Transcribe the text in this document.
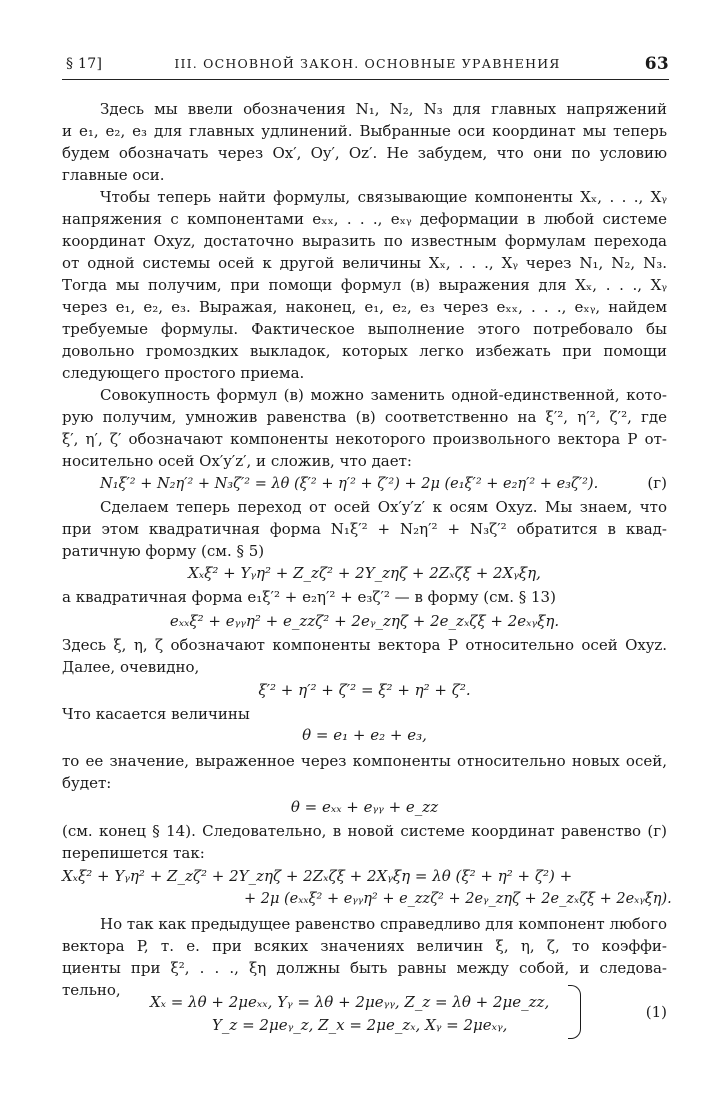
§ 17]	III. ОСНОВНОЙ ЗАКОН. ОСНОВНЫЕ УРАВНЕНИЯ	63
Здесь мы ввели обозначения N₁, N₂, N₃ для главных напряжений
и e₁, e₂, e₃ для главных удлинений. Выбранные оси координат мы теперь
будем обозначать через Ox′, Oy′, Oz′. Не забудем, что они по условию
главные оси.
Чтобы теперь найти формулы, связывающие компоненты Xₓ, . . ., Xᵧ
напряжения с компонентами eₓₓ, . . ., eₓᵧ деформации в любой системе
координат Oxyz, достаточно выразить по известным формулам перехода
от одной системы осей к другой величины Xₓ, . . ., Xᵧ через N₁, N₂, N₃.
Тогда мы получим, при помощи формул (в) выражения для Xₓ, . . ., Xᵧ
через e₁, e₂, e₃. Выражая, наконец, e₁, e₂, e₃ через eₓₓ, . . ., eₓᵧ, найдем
требуемые формулы. Фактическое выполнение этого потребовало бы
довольно громоздких выкладок, которых легко избежать при помощи
следующего простого приема.
Совокупность формул (в) можно заменить одной-единственной, кото-
рую получим, умножив равенства (в) соответственно на ξ′², η′², ζ′², где
ξ′, η′, ζ′ обозначают компоненты некоторого произвольного вектора P от-
носительно осей Ox′y′z′, и сложив, что дает:
N₁ξ′² + N₂η′² + N₃ζ′² = λθ (ξ′² + η′² + ζ′²) + 2μ (e₁ξ′² + e₂η′² + e₃ζ′²).	(г)
Сделаем теперь переход от осей Ox′y′z′ к осям Oxyz. Мы знаем, что
при этом квадратичная форма N₁ξ′² + N₂η′² + N₃ζ′² обратится в квад-
ратичную форму (см. § 5)
Xₓξ² + Yᵧη² + Z_zζ² + 2Y_zηζ + 2Zₓζξ + 2Xᵧξη,
а квадратичная форма e₁ξ′² + e₂η′² + e₃ζ′² — в форму (см. § 13)
eₓₓξ² + eᵧᵧη² + e_zzζ² + 2eᵧ_zηζ + 2e_zₓζξ + 2eₓᵧξη.
Здесь ξ, η, ζ обозначают компоненты вектора P относительно осей Oxyz.
Далее, очевидно,
ξ′² + η′² + ζ′² = ξ² + η² + ζ².
Что касается величины
θ = e₁ + e₂ + e₃,
то ее значение, выраженное через компоненты относительно новых осей,
будет:
θ = eₓₓ + eᵧᵧ + e_zz
(см. конец § 14). Следовательно, в новой системе координат равенство (г)
перепишется так:
Xₓξ² + Yᵧη² + Z_zζ² + 2Y_zηζ + 2Zₓζξ + 2Xᵧξη = λθ (ξ² + η² + ζ²) +
+ 2μ (eₓₓξ² + eᵧᵧη² + e_zzζ² + 2eᵧ_zηζ + 2e_zₓζξ + 2eₓᵧξη).
Но так как предыдущее равенство справедливо для компонент любого
вектора P, т. е. при всяких значениях величин ξ, η, ζ, то коэффи-
циенты при ξ², . . ., ξη должны быть равны между собой, и следова-
тельно,
Xₓ = λθ + 2μeₓₓ, Yᵧ = λθ + 2μeᵧᵧ, Z_z = λθ + 2μe_zz,
Y_z = 2μeᵧ_z, Z_x = 2μe_zₓ, Xᵧ = 2μeₓᵧ,
(1)
